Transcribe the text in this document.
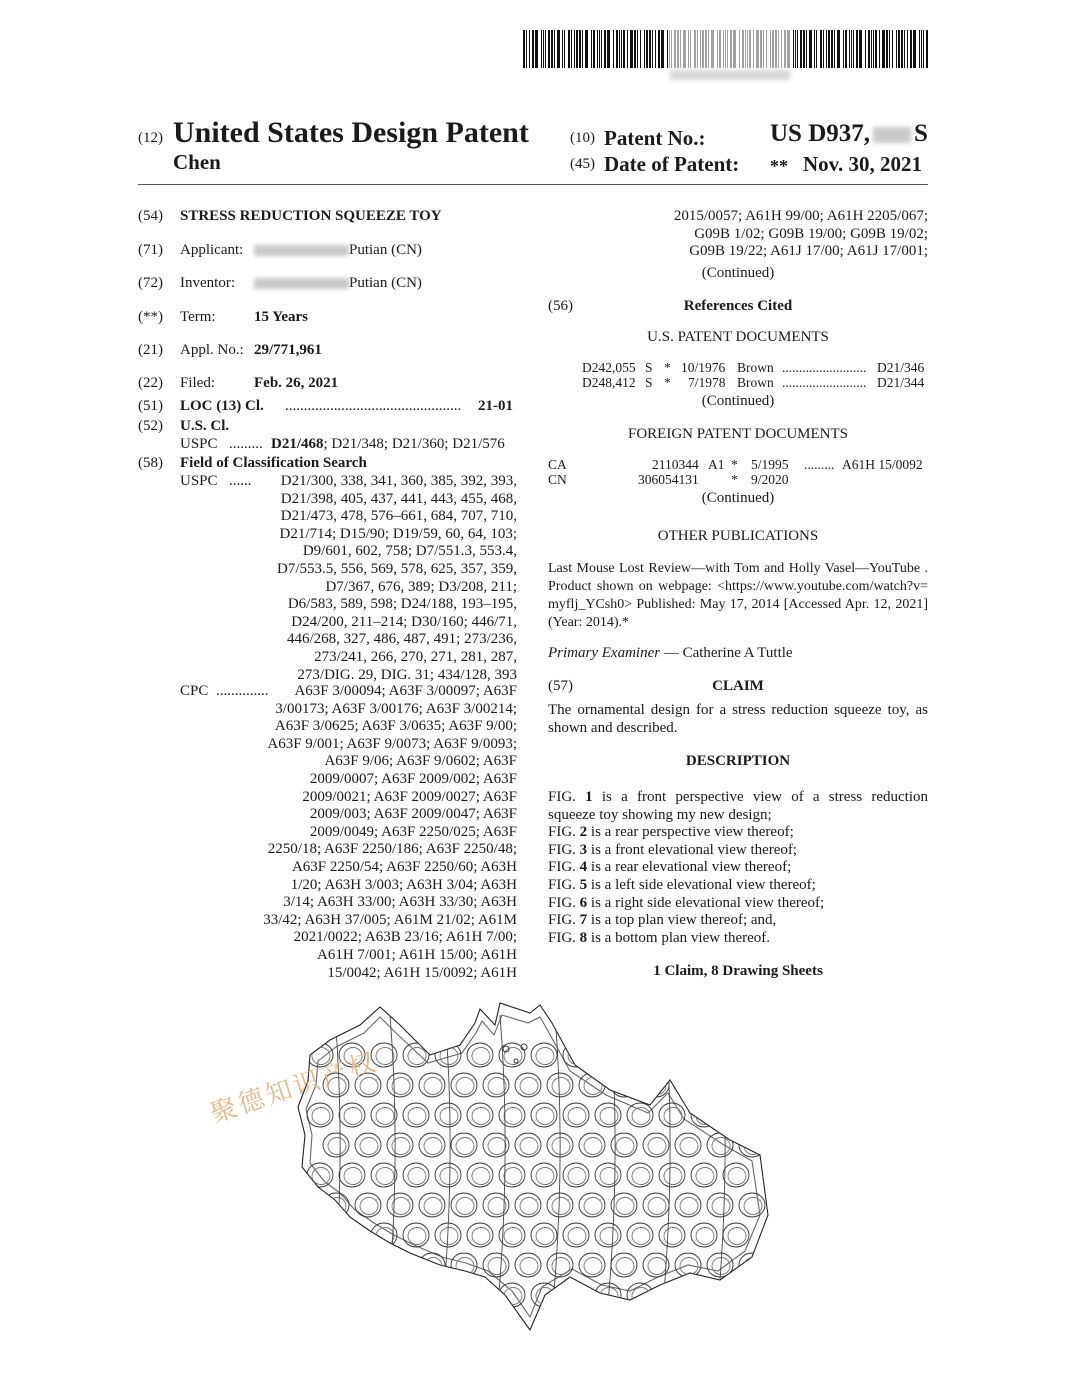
(12) United States Design Patent
Chen
(10) Patent No.:	US D937, S
(45) Date of Patent: ** Nov. 30, 2021
(54) STRESS REDUCTION SQUEEZE TOY
(71) Applicant:	Putian (CN)
(72) Inventor:	Putian (CN)
(**) Term:	15 Years
(21) Appl. No.: 29/771,961
(22) Filed:	Feb. 26, 2021
(51) LOC (13) Cl. ...............................................	21-01
(52) U.S. Cl.
USPC ......... D21/468; D21/348; D21/360; D21/576
(58) Field of Classification Search
USPC ......	D21/300, 338, 341, 360, 385, 392, 393,
D21/398, 405, 437, 441, 443, 455, 468,
D21/473, 478, 576–661, 684, 707, 710,
D21/714; D15/90; D19/59, 60, 64, 103;
D9/601, 602, 758; D7/551.3, 553.4,
D7/553.5, 556, 569, 578, 625, 357, 359,
D7/367, 676, 389; D3/208, 211;
D6/583, 589, 598; D24/188, 193–195,
D24/200, 211–214; D30/160; 446/71,
446/268, 327, 486, 487, 491; 273/236,
273/241, 266, 270, 271, 281, 287,
273/DIG. 29, DIG. 31; 434/128, 393
CPC ..............	A63F 3/00094; A63F 3/00097; A63F
3/00173; A63F 3/00176; A63F 3/00214;
A63F 3/0625; A63F 3/0635; A63F 9/00;
A63F 9/001; A63F 9/0073; A63F 9/0093;
A63F 9/06; A63F 9/0602; A63F
2009/0007; A63F 2009/002; A63F
2009/0021; A63F 2009/0027; A63F
2009/003; A63F 2009/0047; A63F
2009/0049; A63F 2250/025; A63F
2250/18; A63F 2250/186; A63F 2250/48;
A63F 2250/54; A63F 2250/60; A63H
1/20; A63H 3/003; A63H 3/04; A63H
3/14; A63H 33/00; A63H 33/30; A63H
33/42; A63H 37/005; A61M 21/02; A61M
2021/0022; A63B 23/16; A61H 7/00;
A61H 7/001; A61H 15/00; A61H
15/0042; A61H 15/0092; A61H
2015/0057; A61H 99/00; A61H 2205/067;
G09B 1/02; G09B 19/00; G09B 19/02;
G09B 19/22; A61J 17/00; A61J 17/001;
(Continued)
(56)	References Cited
U.S. PATENT DOCUMENTS
D242,055 S * 10/1976 Brown ......................... D21/346
D248,412 S * 7/1978 Brown ......................... D21/344
(Continued)
FOREIGN PATENT DOCUMENTS
CA	2110344 A1 * 5/1995 ......... A61H 15/0092
CN	306054131 * 9/2020
(Continued)
OTHER PUBLICATIONS
Last Mouse Lost Review—with Tom and Holly Vasel—YouTube . Product shown on webpage: <https://www.youtube.com/watch?v= myflj_YCsh0> Published: May 17, 2014 [Accessed Apr. 12, 2021] (Year: 2014).*
Primary Examiner — Catherine A Tuttle
(57)	CLAIM
The ornamental design for a stress reduction squeeze toy, as shown and described.
DESCRIPTION
FIG. 1 is a front perspective view of a stress reduction
squeeze toy showing my new design;
FIG. 2 is a rear perspective view thereof;
FIG. 3 is a front elevational view thereof;
FIG. 4 is a rear elevational view thereof;
FIG. 5 is a left side elevational view thereof;
FIG. 6 is a right side elevational view thereof;
FIG. 7 is a top plan view thereof; and,
FIG. 8 is a bottom plan view thereof.
1 Claim, 8 Drawing Sheets
聚德知识产权
